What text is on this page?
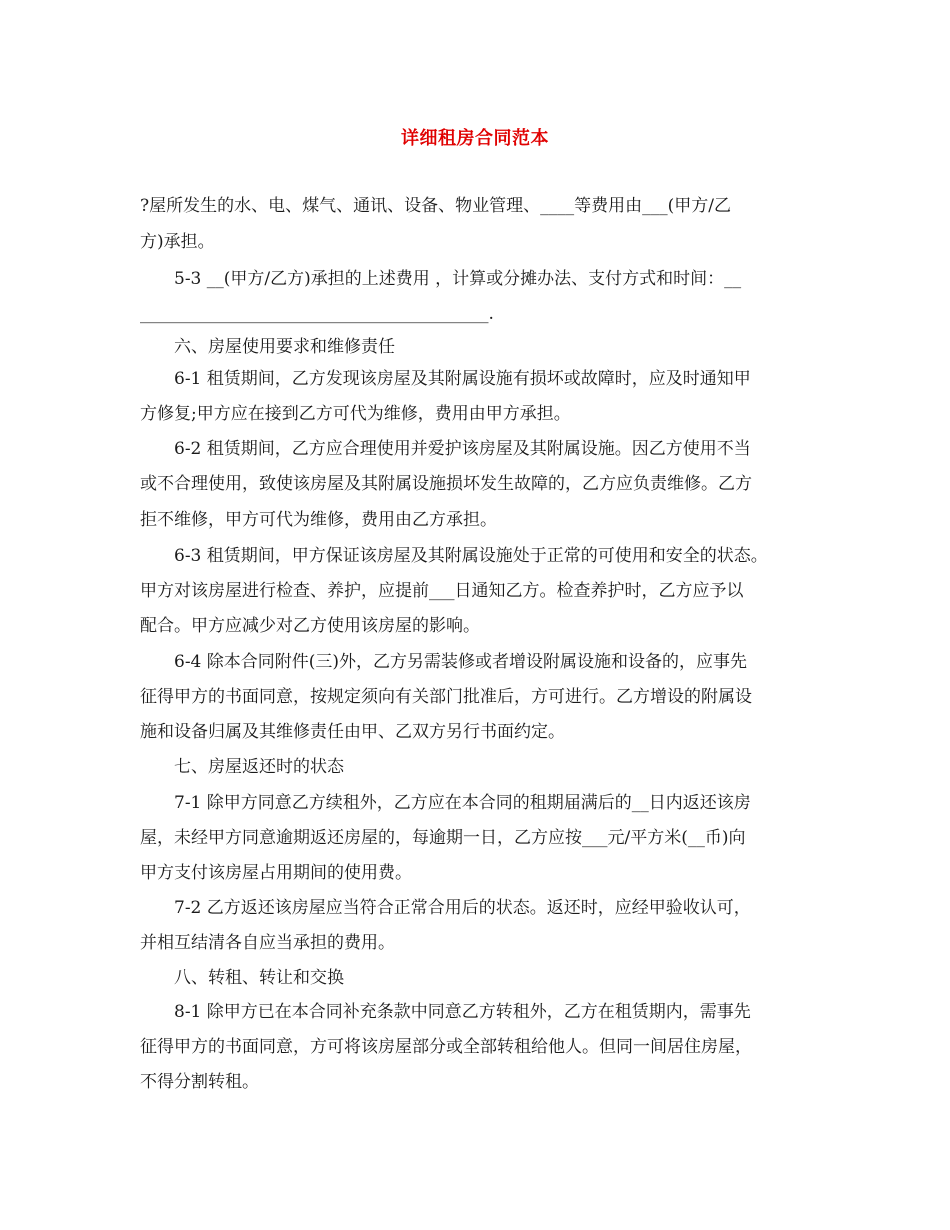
详细租房合同范本
?屋所发生的水、电、煤气、通讯、设备、物业管理、____等费用由___(甲方/乙
方)承担。
5-3 __(甲方/乙方)承担的上述费用 ，计算或分摊办法、支付方式和时间：__
_________________________________________.
六、房屋使用要求和维修责任
6-1 租赁期间，乙方发现该房屋及其附属设施有损坏或故障时，应及时通知甲
方修复;甲方应在接到乙方可代为维修，费用由甲方承担。
6-2 租赁期间，乙方应合理使用并爱护该房屋及其附属设施。因乙方使用不当
或不合理使用，致使该房屋及其附属设施损坏发生故障的，乙方应负责维修。乙方
拒不维修，甲方可代为维修，费用由乙方承担。
6-3 租赁期间，甲方保证该房屋及其附属设施处于正常的可使用和安全的状态。
甲方对该房屋进行检查、养护，应提前___日通知乙方。检查养护时，乙方应予以
配合。甲方应减少对乙方使用该房屋的影响。
6-4 除本合同附件(三)外，乙方另需装修或者增设附属设施和设备的，应事先
征得甲方的书面同意，按规定须向有关部门批准后，方可进行。乙方增设的附属设
施和设备归属及其维修责任由甲、乙双方另行书面约定。
七、房屋返还时的状态
7-1 除甲方同意乙方续租外，乙方应在本合同的租期届满后的__日内返还该房
屋，未经甲方同意逾期返还房屋的，每逾期一日，乙方应按___元/平方米(__币)向
甲方支付该房屋占用期间的使用费。
7-2 乙方返还该房屋应当符合正常合用后的状态。返还时，应经甲验收认可，
并相互结清各自应当承担的费用。
八、转租、转让和交换
8-1 除甲方已在本合同补充条款中同意乙方转租外，乙方在租赁期内，需事先
征得甲方的书面同意，方可将该房屋部分或全部转租给他人。但同一间居住房屋，
不得分割转租。
